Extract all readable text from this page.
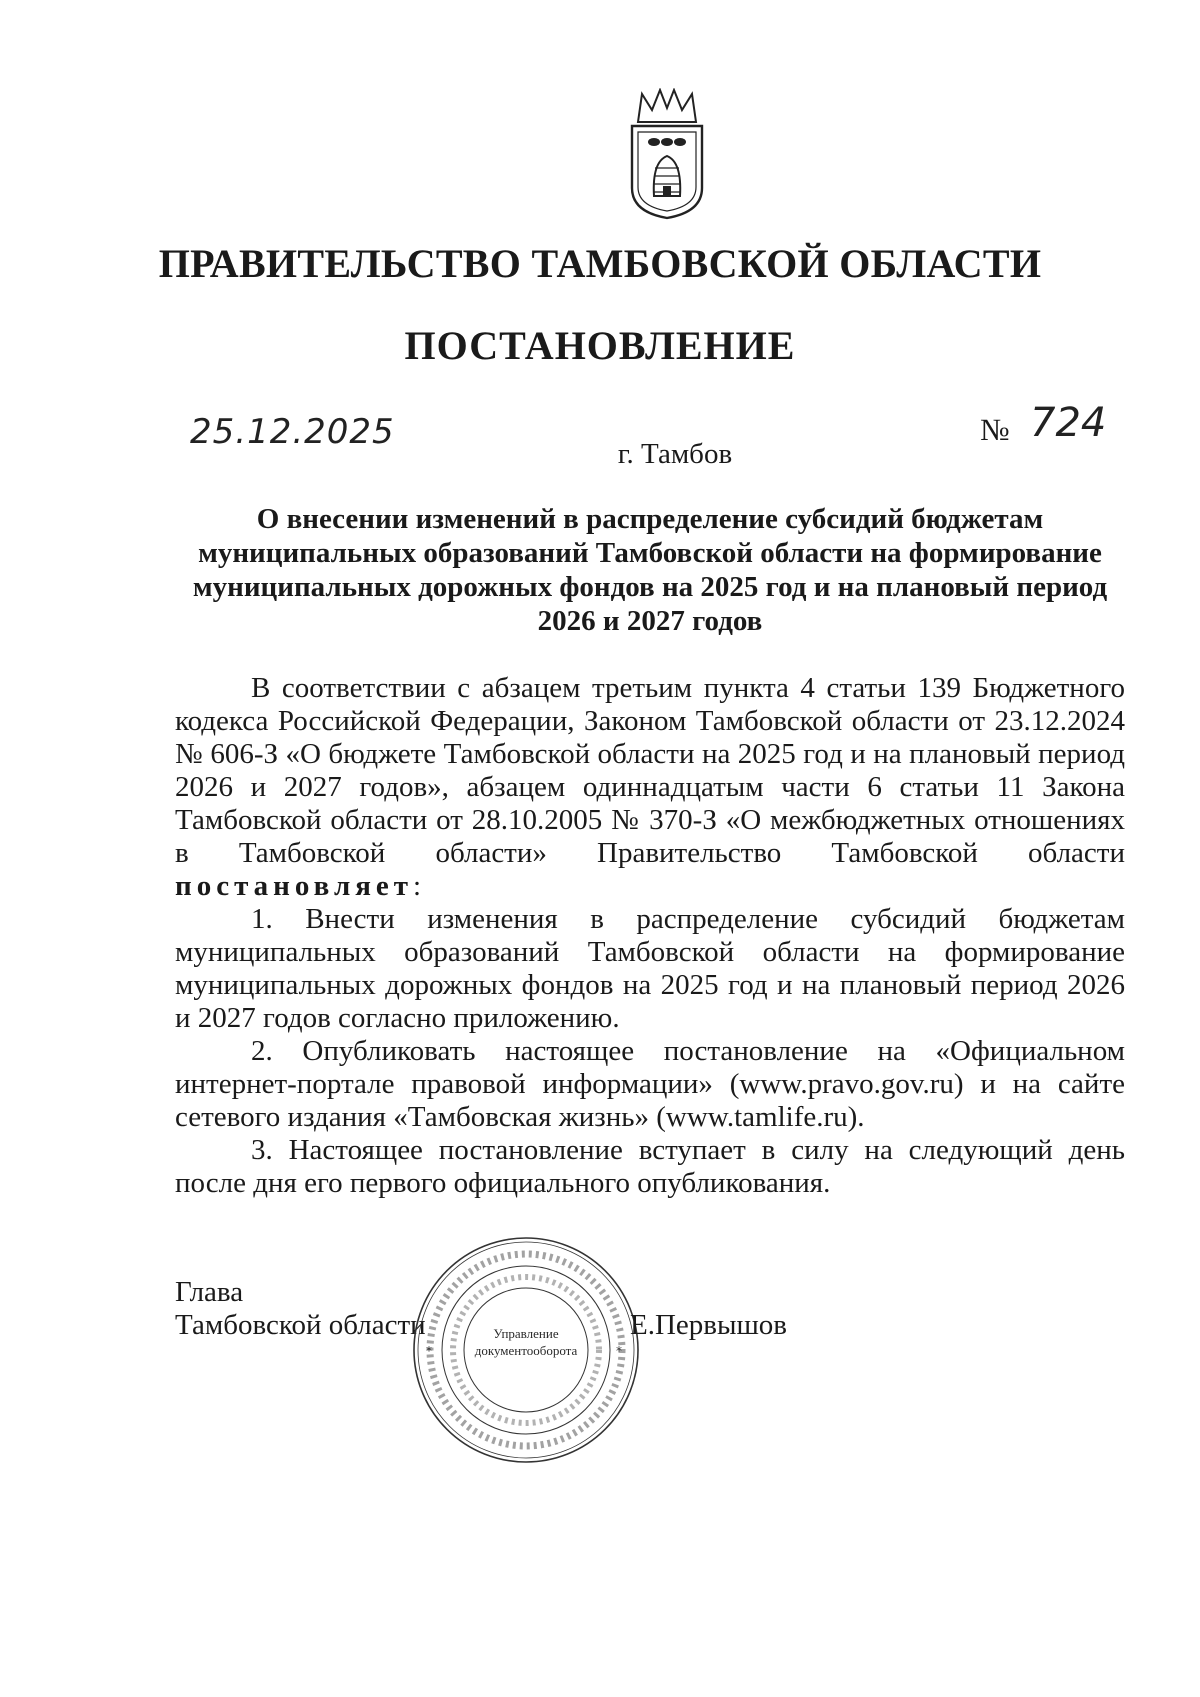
ПРАВИТЕЛЬСТВО ТАМБОВСКОЙ ОБЛАСТИ
ПОСТАНОВЛЕНИЕ
25.12.2025	№ 724
г. Тамбов
О внесении изменений в распределение субсидий бюджетам муниципальных образований Тамбовской области на формирование муниципальных дорожных фондов на 2025 год и на плановый период 2026 и 2027 годов

В соответствии с абзацем третьим пункта 4 статьи 139 Бюджетного кодекса Российской Федерации, Законом Тамбовской области от 23.12.2024 № 606-З «О бюджете Тамбовской области на 2025 год и на плановый период 2026 и 2027 годов», абзацем одиннадцатым части 6 статьи 11 Закона Тамбовской области от 28.10.2005 № 370-З «О межбюджетных отношениях в Тамбовской области» Правительство Тамбовской области постановляет:

1. Внести изменения в распределение субсидий бюджетам муниципальных образований Тамбовской области на формирование муниципальных дорожных фондов на 2025 год и на плановый период 2026 и 2027 годов согласно приложению.

2. Опубликовать настоящее постановление на «Официальном интернет-портале правовой информации» (www.pravo.gov.ru) и на сайте сетевого издания «Тамбовская жизнь» (www.tamlife.ru).

3. Настоящее постановление вступает в силу на следующий день после дня его первого официального опубликования.

Глава
Тамбовской области
*	*
Управление
документооборота
Е.Первышов
